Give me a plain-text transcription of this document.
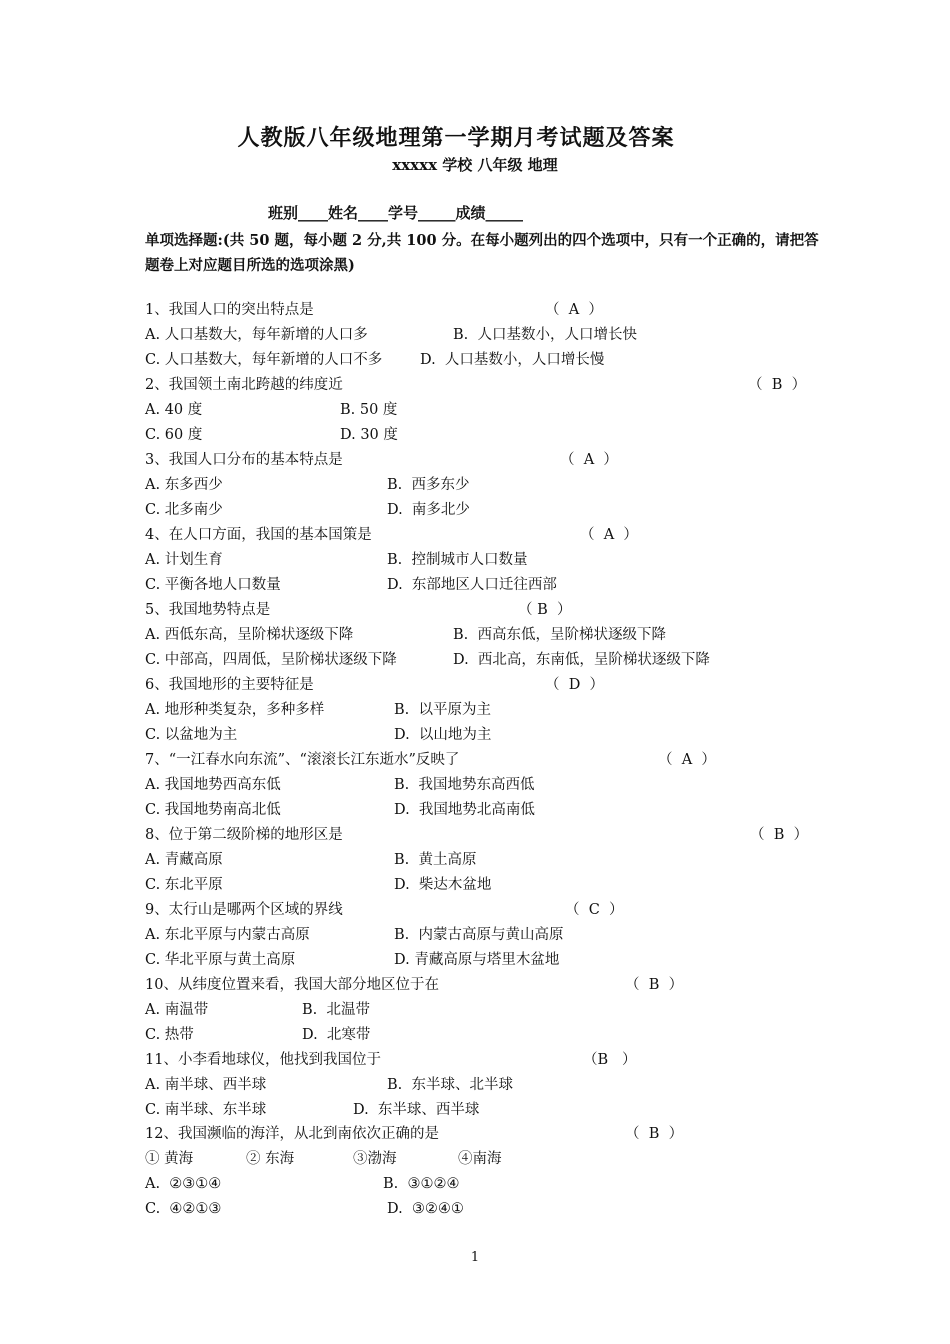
人教版八年级地理第一学期月考试题及答案
xxxxx 学校 八年级 地理
班别____姓名____学号_____成绩_____
单项选择题:(共 50 题，每小题 2 分,共 100 分。在每小题列出的四个选项中，只有一个正确的，请把答题卷上对应题目所选的选项涂黑)
1、我国人口的突出特点是	（  A  ）
A. 人口基数大，每年新增的人口多	B.  人口基数小，人口增长快
C. 人口基数大，每年新增的人口不多	D.  人口基数小，人口增长慢
2、我国领土南北跨越的纬度近	（  B  ）
A. 40 度	B. 50 度
C. 60 度	D. 30 度
3、我国人口分布的基本特点是	（  A  ）
A. 东多西少	B.  西多东少
C. 北多南少	D.  南多北少
4、在人口方面，我国的基本国策是	（  A  ）
A. 计划生育	B.  控制城市人口数量
C. 平衡各地人口数量	D.  东部地区人口迁往西部
5、我国地势特点是	（ B  ）
A. 西低东高，呈阶梯状逐级下降	B.  西高东低，呈阶梯状逐级下降
C. 中部高，四周低，呈阶梯状逐级下降	D.  西北高，东南低，呈阶梯状逐级下降
6、我国地形的主要特征是	（  D  ）
A. 地形种类复杂，多种多样	B.  以平原为主
C. 以盆地为主	D.  以山地为主
7、“一江春水向东流”、“滚滚长江东逝水”反映了	（  A  ）
A. 我国地势西高东低	B.  我国地势东高西低
C. 我国地势南高北低	D.  我国地势北高南低
8、位于第二级阶梯的地形区是	（  B  ）
A. 青藏高原	B.  黄土高原
C. 东北平原	D.  柴达木盆地
9、太行山是哪两个区域的界线	（  C  ）
A. 东北平原与内蒙古高原	B.  内蒙古高原与黄山高原
C. 华北平原与黄土高原	D. 青藏高原与塔里木盆地
10、从纬度位置来看，我国大部分地区位于在	（  B  ）
A. 南温带	B.  北温带
C. 热带	D.  北寒带
11、小李看地球仪，他找到我国位于	（B   ）
A. 南半球、西半球	B.  东半球、北半球
C. 南半球、东半球	D.  东半球、西半球
12、我国濒临的海洋，从北到南依次正确的是	（  B  ）
① 黄海	② 东海	③渤海	④南海
A.  ②③①④	B.  ③①②④
C.  ④②①③	D.  ③②④①
1
